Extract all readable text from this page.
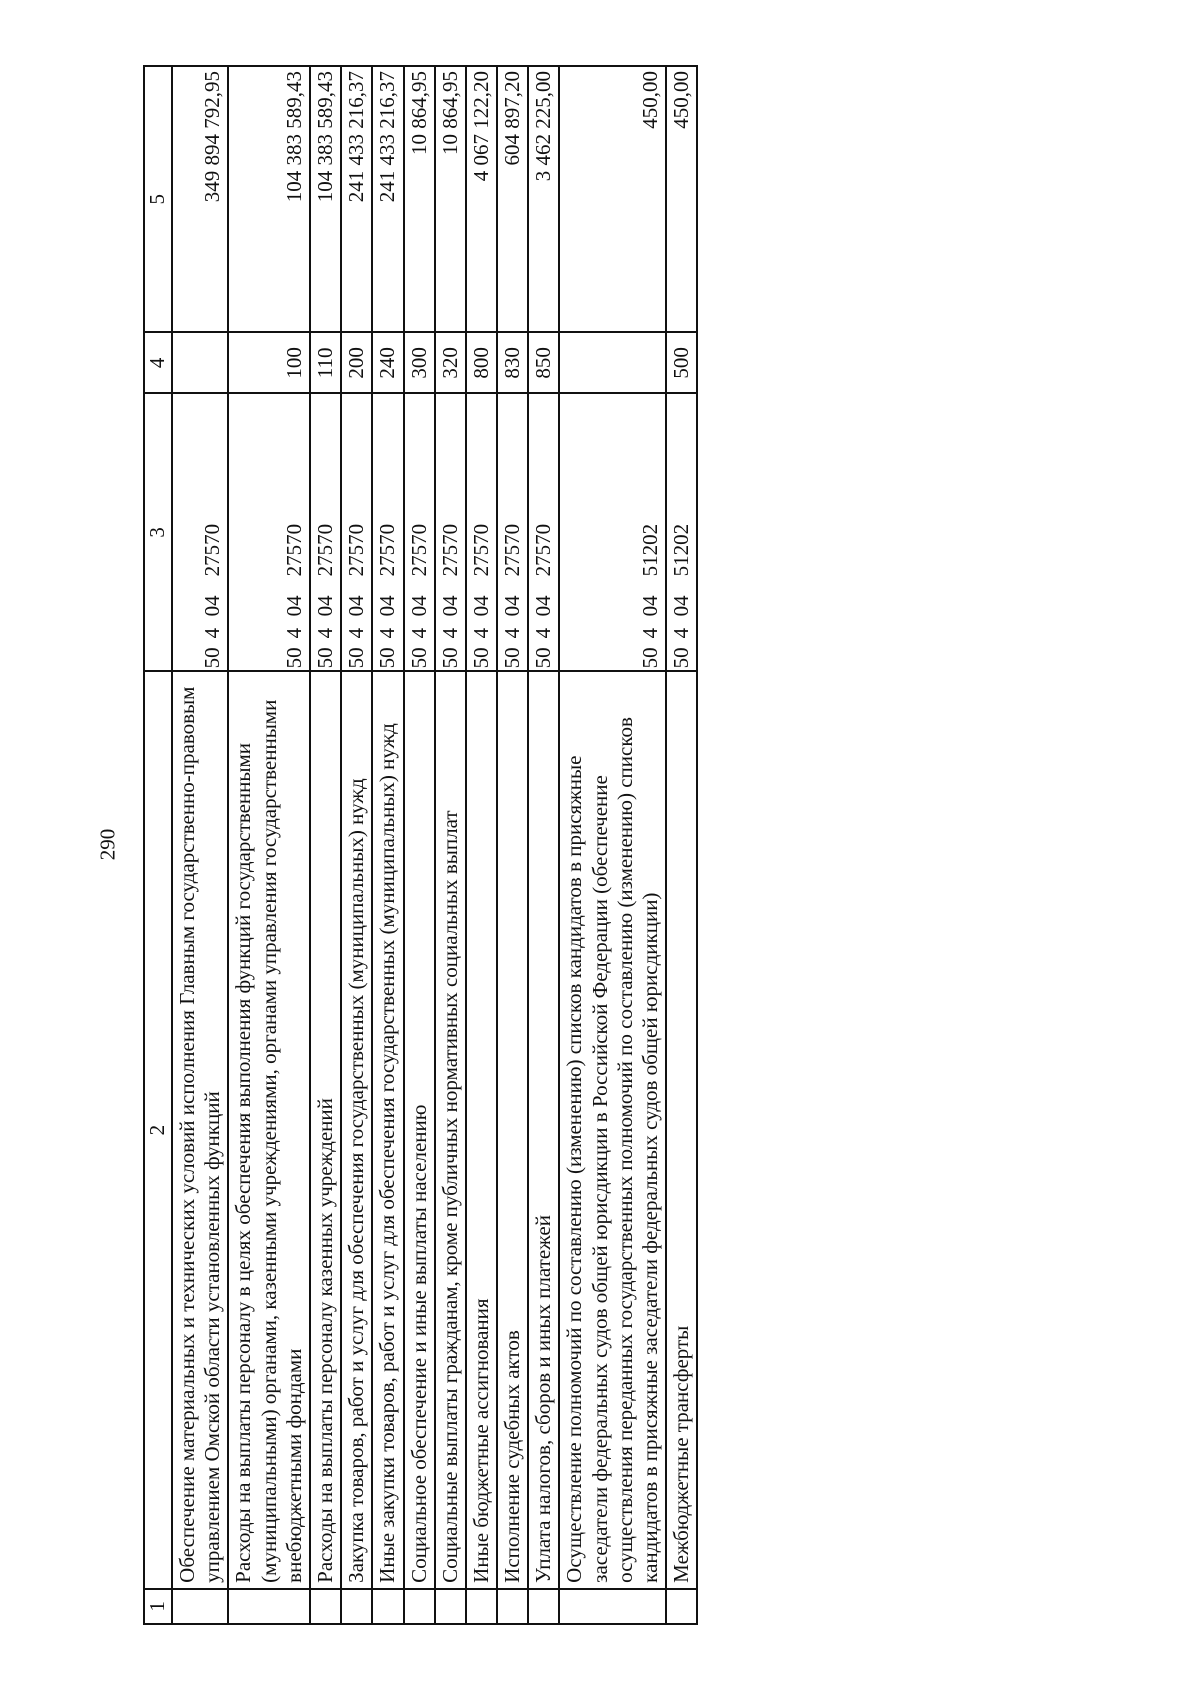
290
1	2	3	4	5
	Обеспечение материальных и технических условий исполнения Главным государственно-правовым управлением Омской области установленных функций	5040427570		349 894 792,95
	Расходы на выплаты персоналу в целях обеспечения выполнения функций государственными (муниципальными) органами, казенными учреждениями, органами управления государственными внебюджетными фондами	5040427570	100	104 383 589,43
	Расходы на выплаты персоналу казенных учреждений	5040427570	110	104 383 589,43
	Закупка товаров, работ и услуг для обеспечения государственных (муниципальных) нужд	5040427570	200	241 433 216,37
	Иные закупки товаров, работ и услуг для обеспечения государственных (муниципальных) нужд	5040427570	240	241 433 216,37
	Социальное обеспечение и иные выплаты населению	5040427570	300	10 864,95
	Социальные выплаты гражданам, кроме публичных нормативных социальных выплат	5040427570	320	10 864,95
	Иные бюджетные ассигнования	5040427570	800	4 067 122,20
	Исполнение судебных актов	5040427570	830	604 897,20
	Уплата налогов, сборов и иных платежей	5040427570	850	3 462 225,00
	Осуществление полномочий по составлению (изменению) списков кандидатов в присяжные заседатели федеральных судов общей юрисдикции в Российской Федерации (обеспечение осуществления переданных государственных полномочий по составлению (изменению) списков кандидатов в присяжные заседатели федеральных судов общей юрисдикции)	5040451202		450,00
	Межбюджетные трансферты	5040451202	500	450,00
